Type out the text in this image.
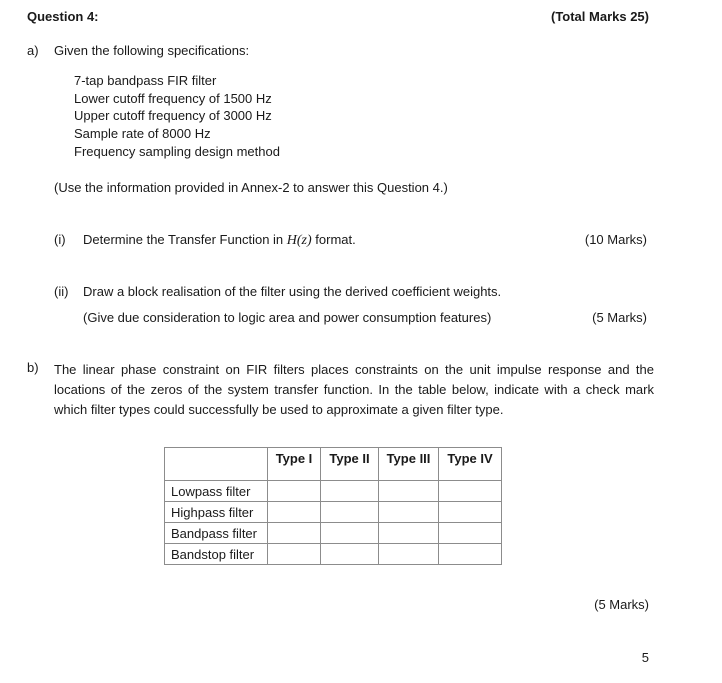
Question 4:	(Total Marks 25)
a) Given the following specifications:
7-tap bandpass FIR filter
Lower cutoff frequency of 1500 Hz
Upper cutoff frequency of 3000 Hz
Sample rate of 8000 Hz
Frequency sampling design method
(Use the information provided in Annex-2 to answer this Question 4.)
(i) Determine the Transfer Function in H(z) format.	(10 Marks)
(ii) Draw a block realisation of the filter using the derived coefficient weights.
(Give due consideration to logic area and power consumption features)	(5 Marks)
b) The linear phase constraint on FIR filters places constraints on the unit impulse response and the locations of the zeros of the system transfer function. In the table below, indicate with a check mark which filter types could successfully be used to approximate a given filter type.
	Type I	Type II	Type III	Type IV
Lowpass filter				
Highpass filter				
Bandpass filter				
Bandstop filter				
(5 Marks)
5
